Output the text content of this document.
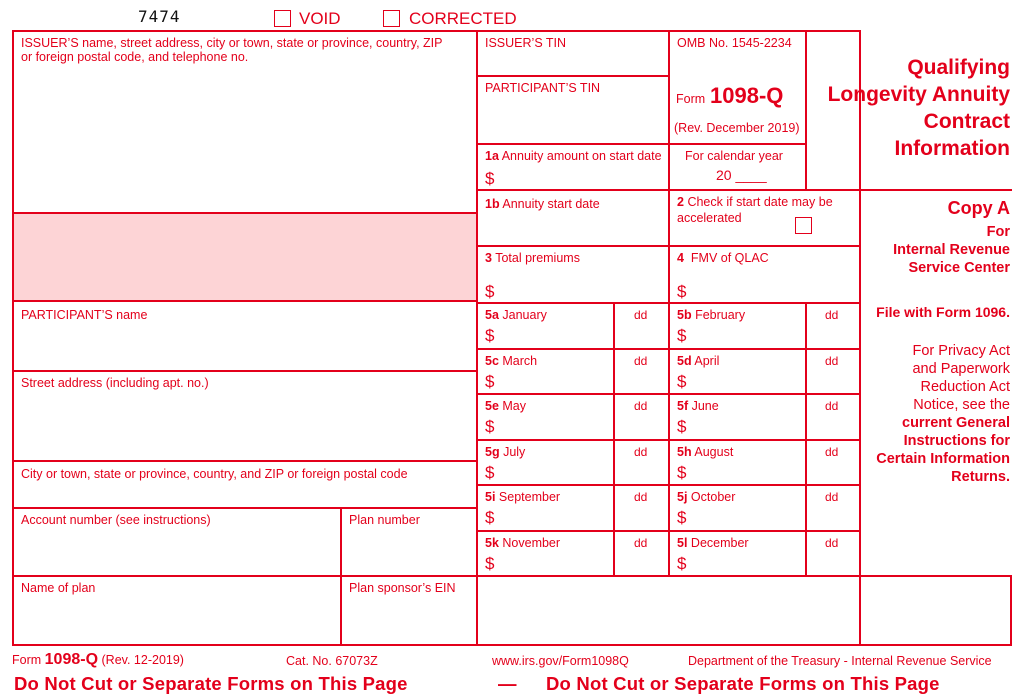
7474	VOID	CORRECTED
ISSUER’S name, street address, city or town, state or province, country, ZIP
or foreign postal code, and telephone no.
PARTICIPANT’S name
Street address (including apt. no.)
City or town, state or province, country, and ZIP or foreign postal code
Account number (see instructions)	Plan number
Name of plan	Plan sponsor’s EIN
ISSUER’S TIN
PARTICIPANT’S TIN
OMB No. 1545-2234
Form 1098-Q
(Rev. December 2019)
1a Annuity amount on start date
$
For calendar year
20 ____
1b Annuity start date	2 Check if start date may be
accelerated
3 Total premiums
$
4 FMV of QLAC
$
5a January	dd
$
5b February	dd
$
5c March	dd
$
5d April	dd
$
5e May	dd
$
5f June	dd
$
5g July	dd
$
5h August	dd
$
5i September	dd
$
5j October	dd
$
5k November	dd
$
5l December	dd
$
Qualifying
Longevity Annuity
Contract
Information
Copy A
For
Internal Revenue
Service Center
File with Form 1096.
For Privacy Act
and Paperwork
Reduction Act
Notice, see the
current General
Instructions for
Certain Information
Returns.
Form 1098-Q (Rev. 12-2019)	Cat. No. 67073Z	www.irs.gov/Form1098Q	Department of the Treasury - Internal Revenue Service
Do Not Cut or Separate Forms on This Page	— Do Not Cut or Separate Forms on This Page
